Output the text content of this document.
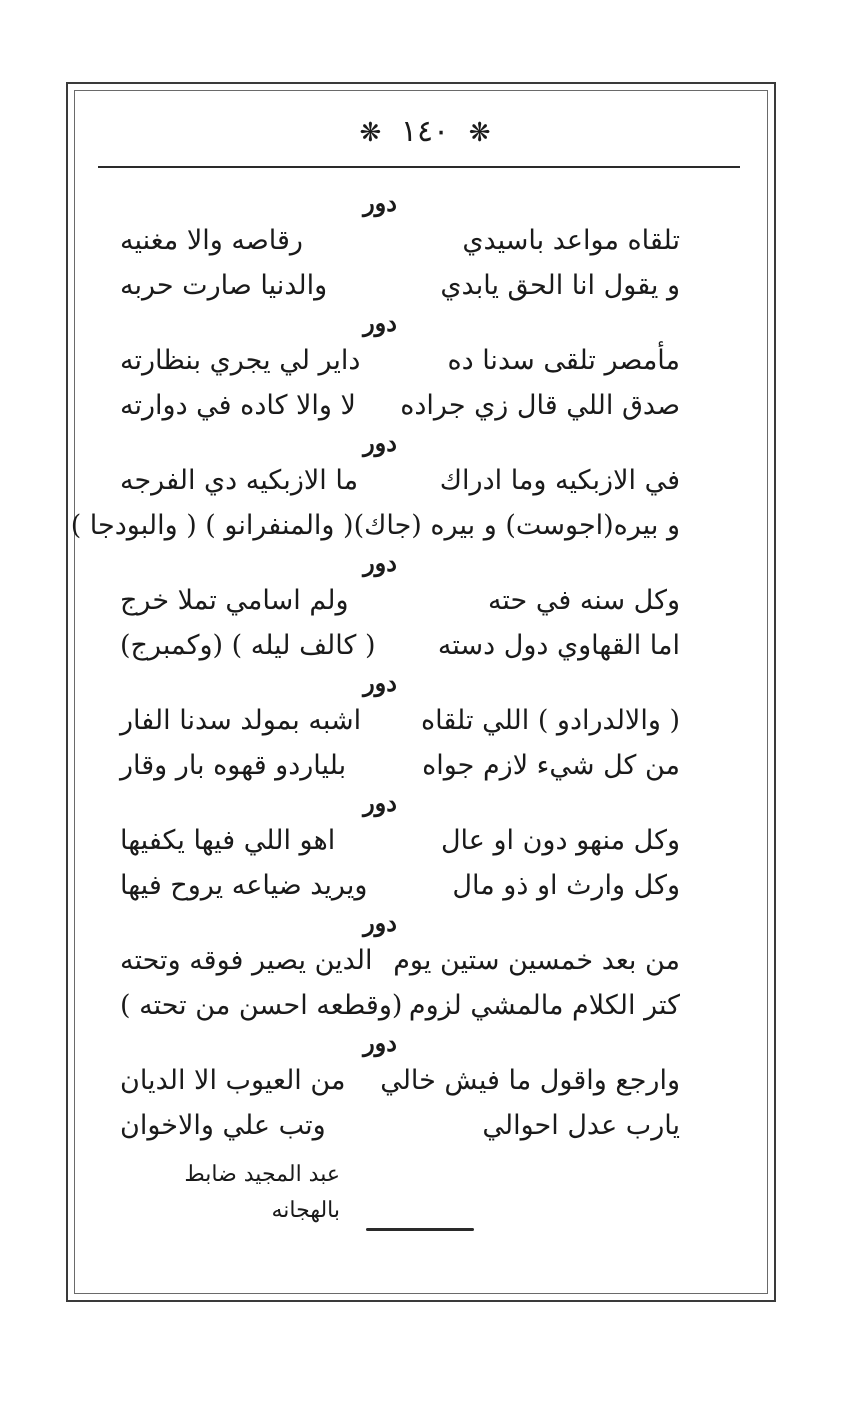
❋ ١٤٠ ❋
دور
تلقاه مواعد باسيدي
رقاصه والا مغنيه
و يقول انا الحق يابدي
والدنيا صارت حربه
دور
مأمصر تلقى سدنا ده
داير لي يجري بنظارته
صدق اللي قال زي جراده
لا والا كاده في دوارته
دور
في الازبكيه وما ادراك
ما الازبكيه دي الفرجه
و بيره(اجوست) و بيره (جاك)
( والمنفرانو ) ( والبودجا )
دور
وكل سنه في حته
ولم اسامي تملا خرج
اما القهاوي دول دسته
( كالف ليله ) (وكمبرج)
دور
( والالدرادو ) اللي تلقاه
اشبه بمولد سدنا الفار
من كل شيء لازم جواه
بلياردو قهوه بار وقار
دور
وكل منهو دون او عال
اهو اللي فيها يكفيها
وكل وارث او ذو مال
ويريد ضياعه يروح فيها
دور
من بعد خمسين ستين يوم
الدين يصير فوقه وتحته
كتر الكلام مالمشي لزوم
(وقطعه احسن من تحته )
دور
وارجع واقول ما فيش خالي
من العيوب الا الديان
يارب عدل احوالي
وتب علي والاخوان
عبد المجيد ضابط بالهجانه
